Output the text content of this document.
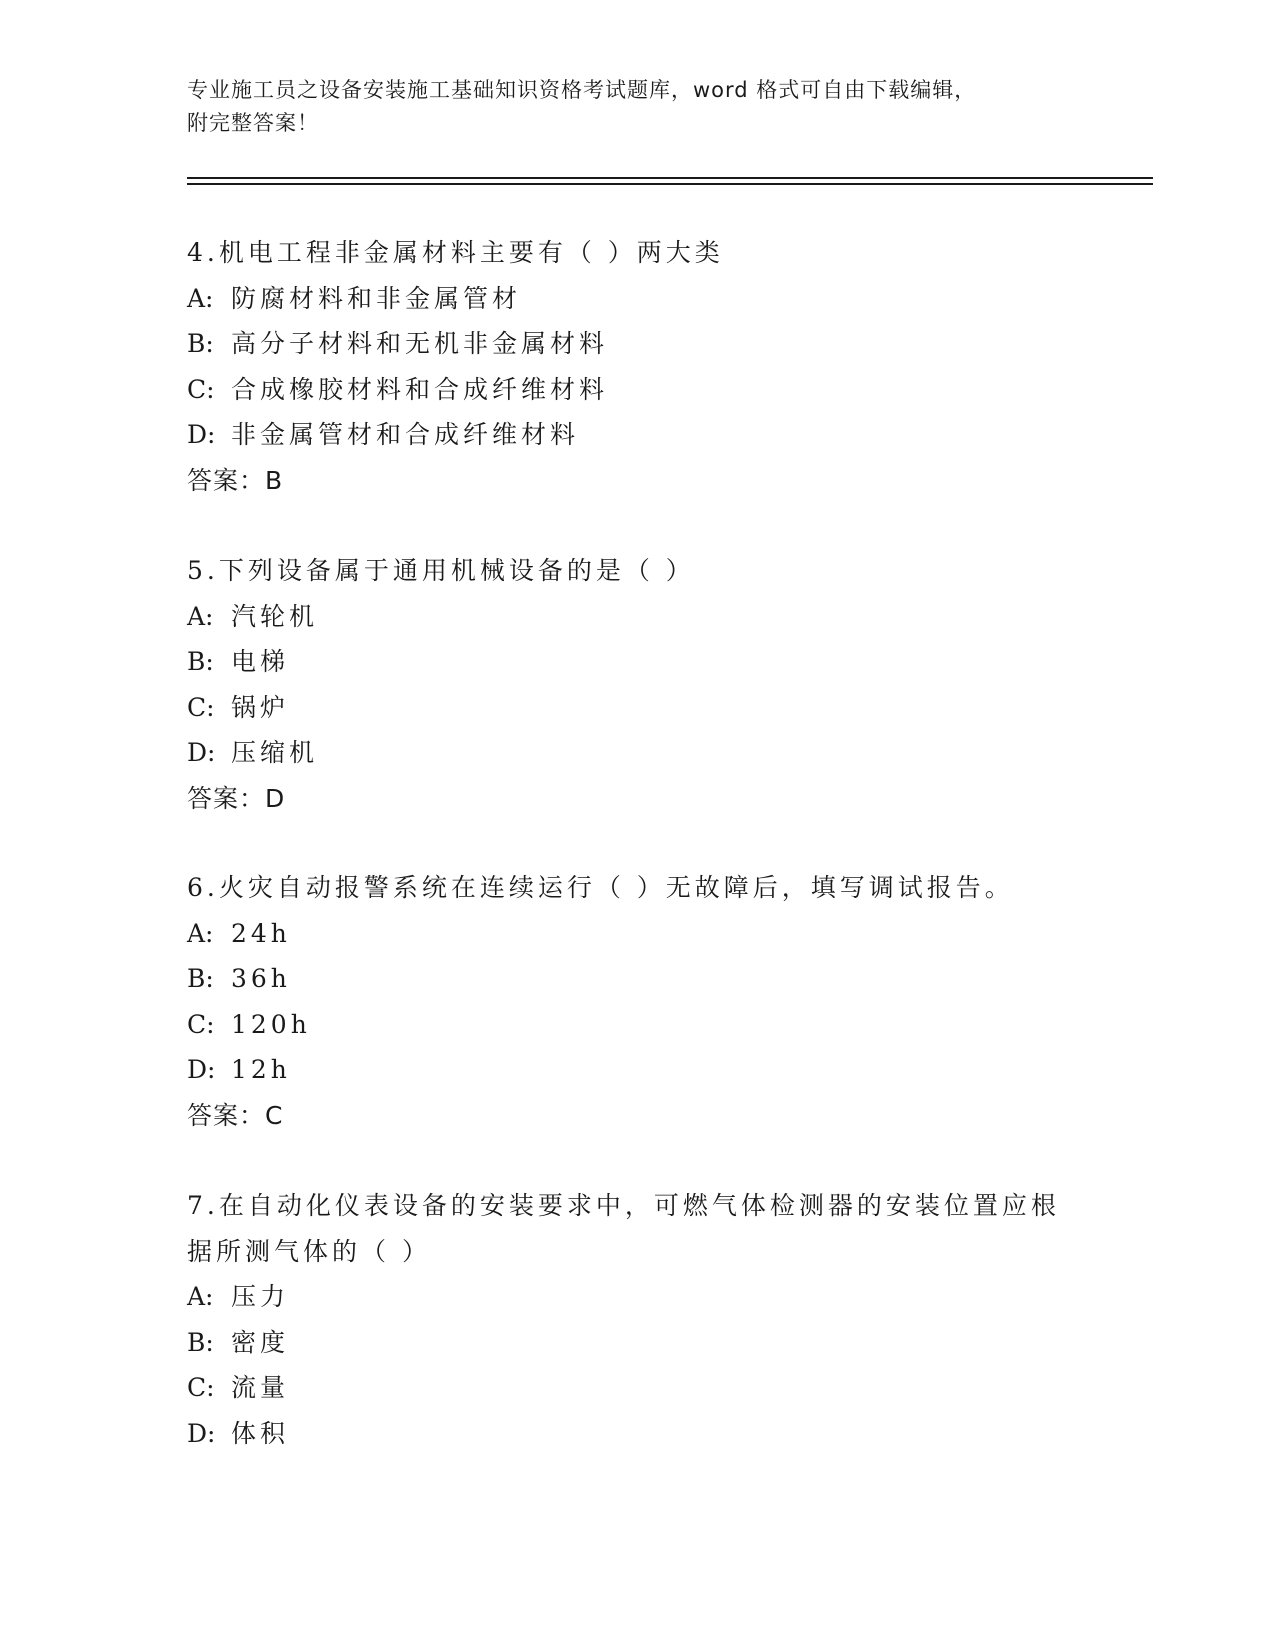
专业施工员之设备安装施工基础知识资格考试题库，word 格式可自由下载编辑，
附完整答案！
4.机电工程非金属材料主要有（ ）两大类
A: 防腐材料和非金属管材
B: 高分子材料和无机非金属材料
C: 合成橡胶材料和合成纤维材料
D: 非金属管材和合成纤维材料
答案：B
5.下列设备属于通用机械设备的是（ ）
A: 汽轮机
B: 电梯
C: 锅炉
D: 压缩机
答案：D
6.火灾自动报警系统在连续运行（ ）无故障后，填写调试报告。
A: 24h
B: 36h
C: 120h
D: 12h
答案：C
7.在自动化仪表设备的安装要求中，可燃气体检测器的安装位置应根
据所测气体的（ ）
A: 压力
B: 密度
C: 流量
D: 体积
